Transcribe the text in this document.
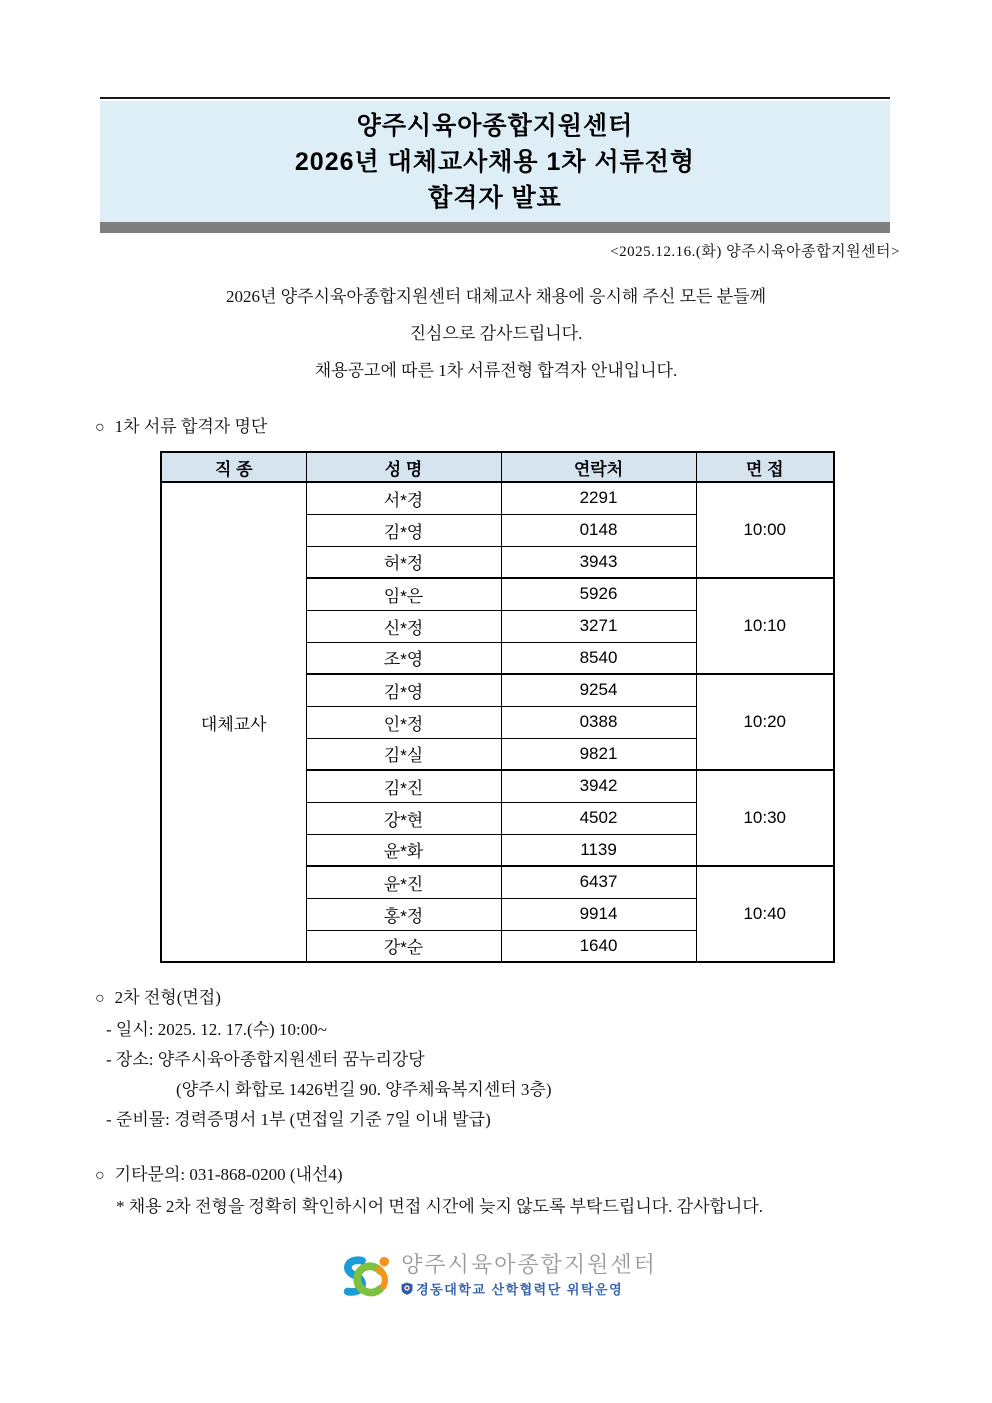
양주시육아종합지원센터
2026년 대체교사채용 1차 서류전형
합격자 발표
<2025.12.16.(화) 양주시육아종합지원센터>
2026년 양주시육아종합지원센터 대체교사 채용에 응시해 주신 모든 분들께
진심으로 감사드립니다.
채용공고에 따른 1차 서류전형 합격자 안내입니다.
○ 1차 서류 합격자 명단
직 종	성 명	연락처	면 접
대체교사	서*경	2291	10:00
	김*영	0148	
	허*정	3943	
	임*은	5926	10:10
	신*정	3271	
	조*영	8540	
	김*영	9254	10:20
	인*정	0388	
	김*실	9821	
	김*진	3942	10:30
	강*현	4502	
	윤*화	1139	
	윤*진	6437	10:40
	홍*정	9914	
	강*순	1640	
○ 2차 전형(면접)
- 일시: 2025. 12. 17.(수) 10:00~
- 장소: 양주시육아종합지원센터 꿈누리강당
(양주시 화합로 1426번길 90. 양주체육복지센터 3층)
- 준비물: 경력증명서 1부 (면접일 기준 7일 이내 발급)
○ 기타문의: 031-868-0200 (내선4)
* 채용 2차 전형을 정확히 확인하시어 면접 시간에 늦지 않도록 부탁드립니다. 감사합니다.
양주시육아종합지원센터
경동대학교 산학협력단 위탁운영
